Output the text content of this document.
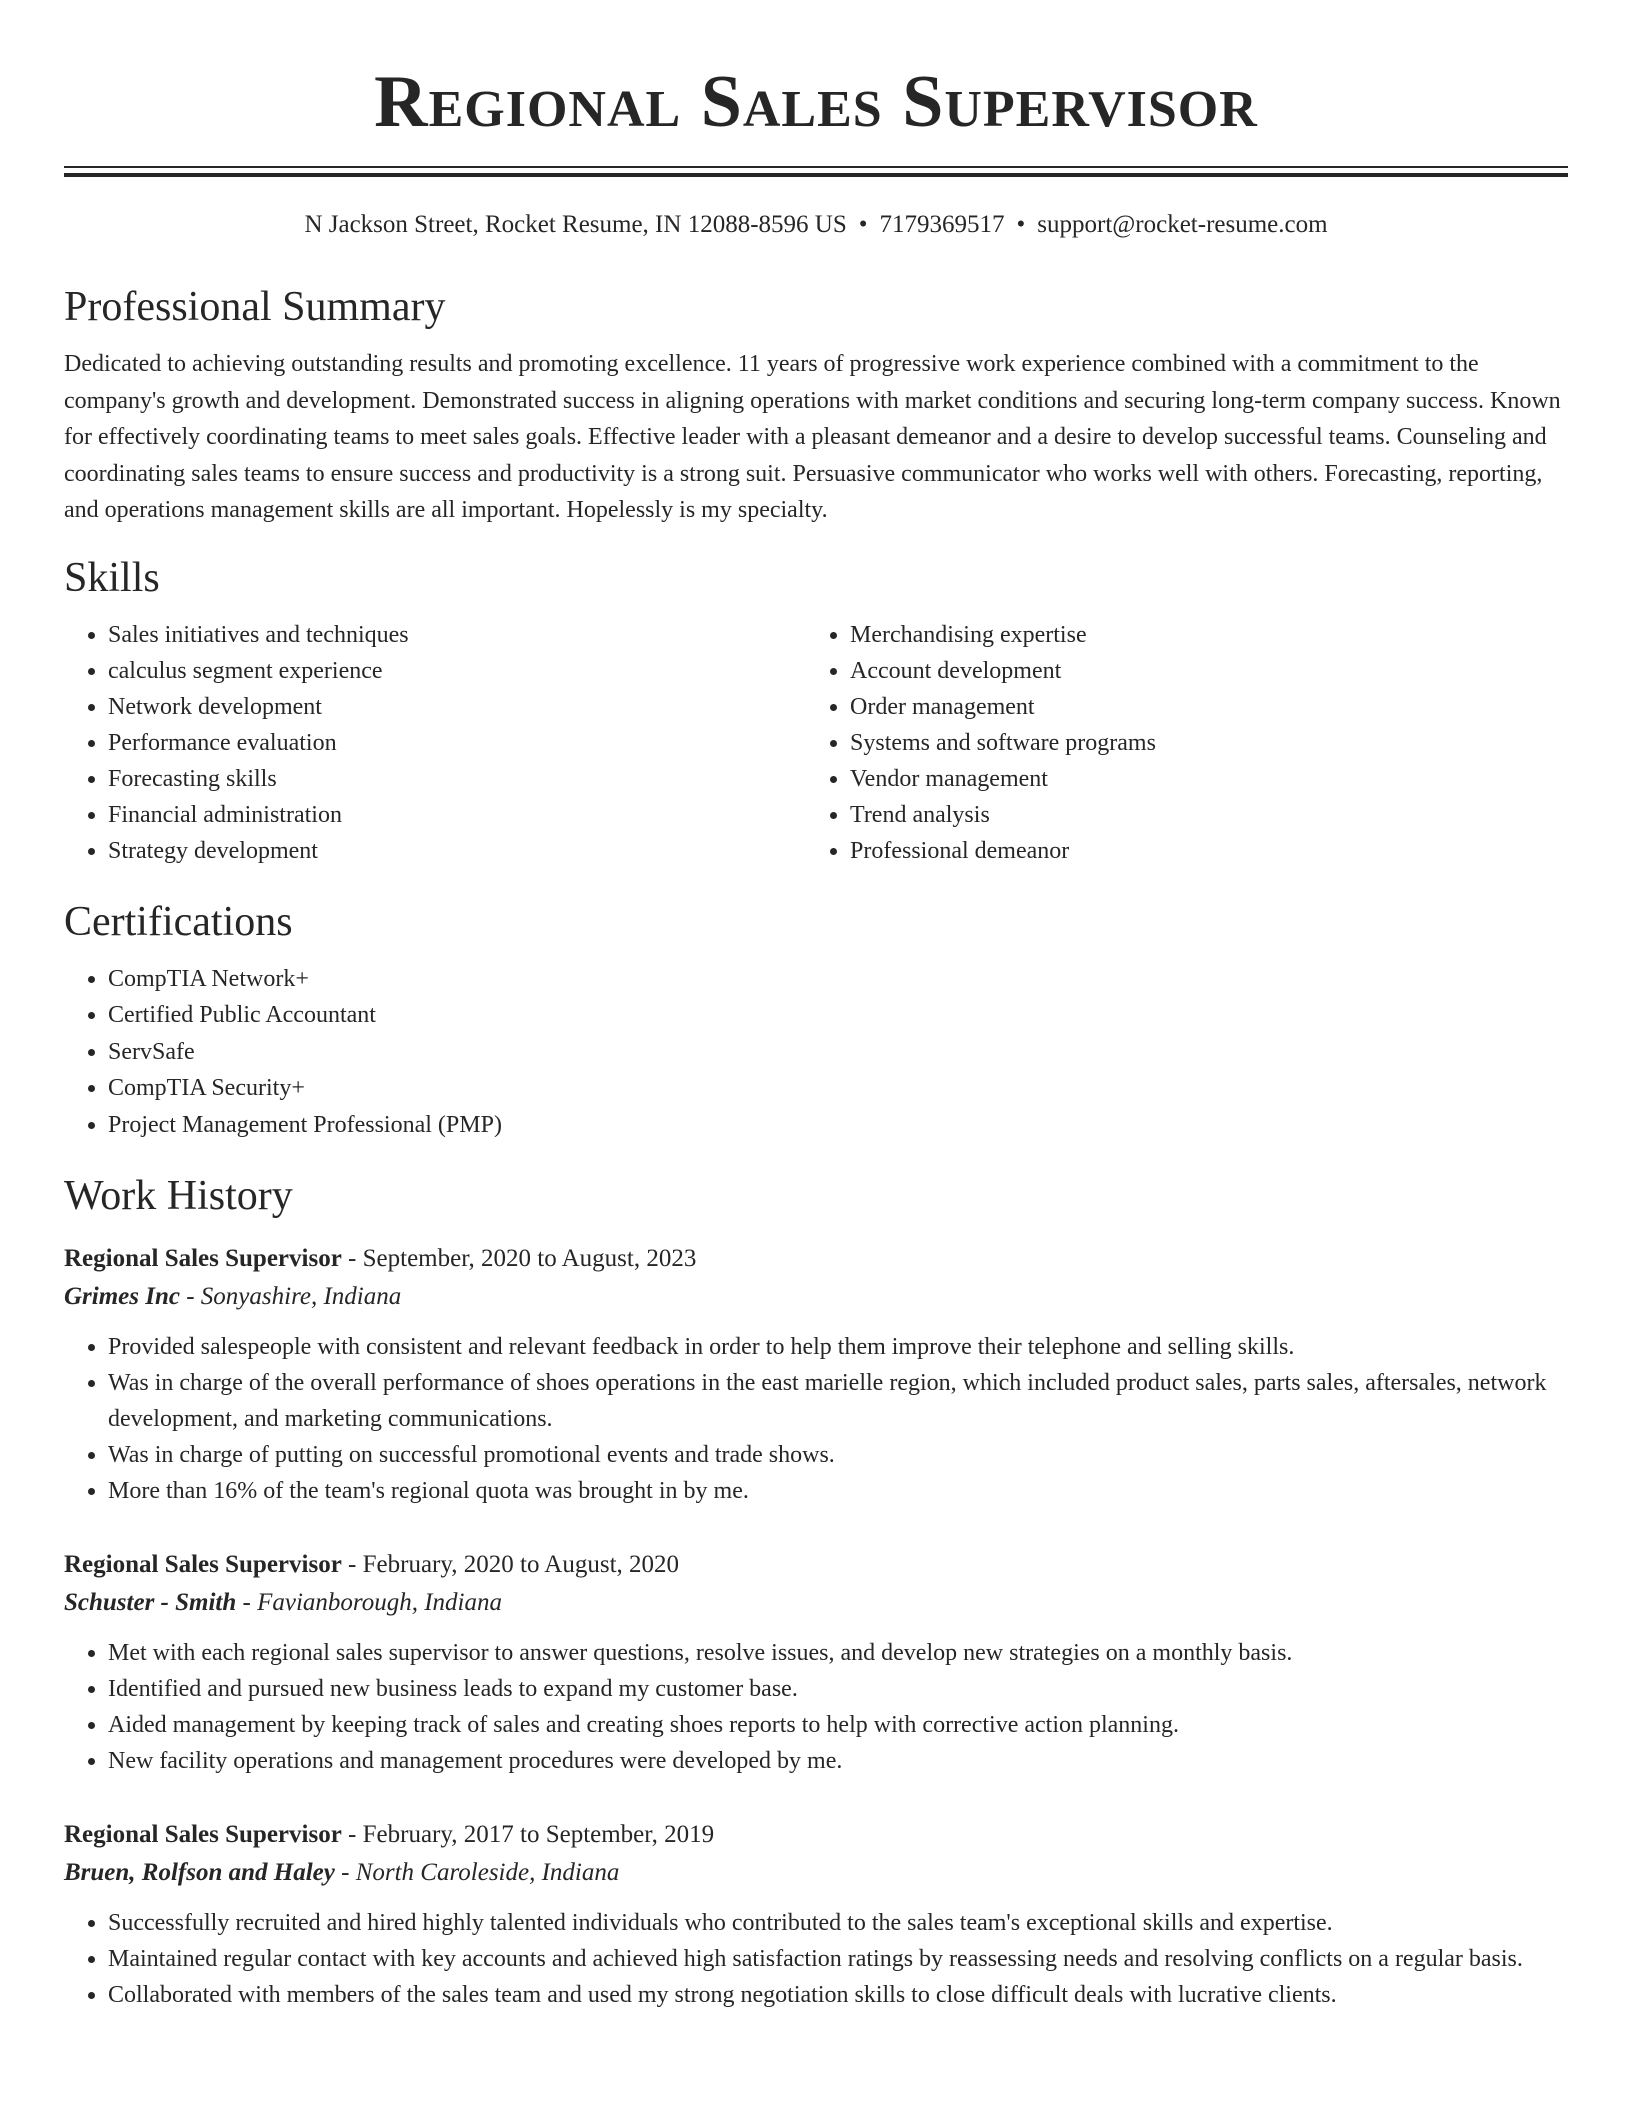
Regional Sales Supervisor
N Jackson Street, Rocket Resume, IN 12088-8596 US • 7179369517 • support@rocket-resume.com
Professional Summary

Dedicated to achieving outstanding results and promoting excellence. 11 years of progressive work experience combined with a commitment to the company's growth and development. Demonstrated success in aligning operations with market conditions and securing long-term company success. Known for effectively coordinating teams to meet sales goals. Effective leader with a pleasant demeanor and a desire to develop successful teams. Counseling and coordinating sales teams to ensure success and productivity is a strong suit. Persuasive communicator who works well with others. Forecasting, reporting, and operations management skills are all important. Hopelessly is my specialty.

Skills
• Sales initiatives and techniques
• calculus segment experience
• Network development
• Performance evaluation
• Forecasting skills
• Financial administration
• Strategy development
• Merchandising expertise
• Account development
• Order management
• Systems and software programs
• Vendor management
• Trend analysis
• Professional demeanor
Certifications
• CompTIA Network+
• Certified Public Accountant
• ServSafe
• CompTIA Security+
• Project Management Professional (PMP)
Work History
Regional Sales Supervisor - September, 2020 to August, 2023
Grimes Inc - Sonyashire, Indiana
• Provided salespeople with consistent and relevant feedback in order to help them improve their telephone and selling skills.
• Was in charge of the overall performance of shoes operations in the east marielle region, which included product sales, parts sales, aftersales, network development, and marketing communications.
• Was in charge of putting on successful promotional events and trade shows.
• More than 16% of the team's regional quota was brought in by me.
Regional Sales Supervisor - February, 2020 to August, 2020
Schuster - Smith - Favianborough, Indiana
• Met with each regional sales supervisor to answer questions, resolve issues, and develop new strategies on a monthly basis.
• Identified and pursued new business leads to expand my customer base.
• Aided management by keeping track of sales and creating shoes reports to help with corrective action planning.
• New facility operations and management procedures were developed by me.
Regional Sales Supervisor - February, 2017 to September, 2019
Bruen, Rolfson and Haley - North Caroleside, Indiana
• Successfully recruited and hired highly talented individuals who contributed to the sales team's exceptional skills and expertise.
• Maintained regular contact with key accounts and achieved high satisfaction ratings by reassessing needs and resolving conflicts on a regular basis.
• Collaborated with members of the sales team and used my strong negotiation skills to close difficult deals with lucrative clients.
